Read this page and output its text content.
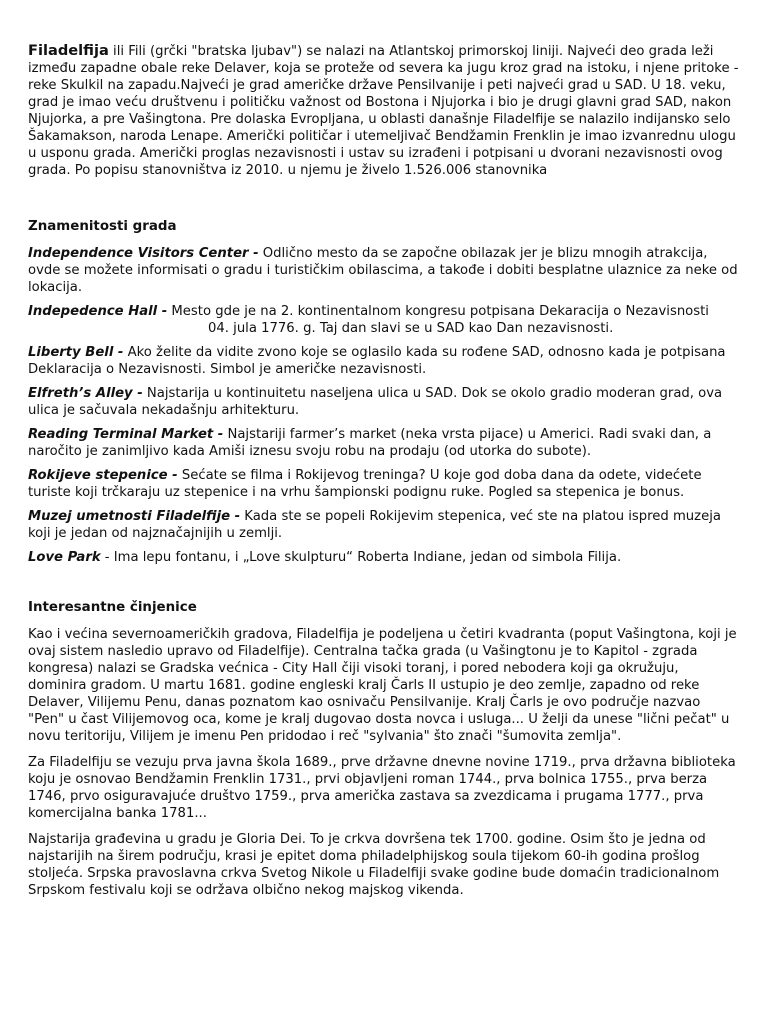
Filadelfija ili Fili (grčki "bratska ljubav") se nalazi na Atlantskoj primorskoj liniji. Najveći deo grada leži između zapadne obale reke Delaver, koja se proteže od severa ka jugu kroz grad na istoku, i njene pritoke - reke Skulkil na zapadu.Najveći je grad američke države Pensilvanije i peti najveći grad u SAD. U 18. veku, grad je imao veću društvenu i političku važnost od Bostona i Njujorka i bio je drugi glavni grad SAD, nakon Njujorka, a pre Vašingtona. Pre dolaska Evropljana, u oblasti današnje Filadelfije se nalazilo indijansko selo Šakamakson, naroda Lenape. Američki političar i utemeljivač Bendžamin Frenklin je imao izvanrednu ulogu u usponu grada. Američki proglas nezavisnosti i ustav su izrađeni i potpisani u dvorani nezavisnosti ovog grada. Po popisu stanovništva iz 2010. u njemu je živelo 1.526.006 stanovnika

Znamenitosti grada

Independence Visitors Center - Odlično mesto da se započne obilazak jer je blizu mnogih atrakcija, ovde se možete informisati o gradu i turističkim obilascima, a takođe i dobiti besplatne ulaznice za neke od lokacija.

Indepedence Hall - Mesto gde je na 2. kontinentalnom kongresu potpisana Dekaracija o Nezavisnosti04. jula 1776. g. Taj dan slavi se u SAD kao Dan nezavisnosti.

Liberty Bell - Ako želite da vidite zvono koje se oglasilo kada su rođene SAD, odnosno kada je potpisana Deklaracija o Nezavisnosti. Simbol je američke nezavisnosti.

Elfreth’s Alley - Najstarija u kontinuitetu naseljena ulica u SAD. Dok se okolo gradio moderan grad, ova ulica je sačuvala nekadašnju arhitekturu.

Reading Terminal Market - Najstariji farmer’s market (neka vrsta pijace) u Americi. Radi svaki dan, a naročito je zanimljivo kada Amiši iznesu svoju robu na prodaju (od utorka do subote).

Rokijeve stepenice - Sećate se filma i Rokijevog treninga? U koje god doba dana da odete, videćete turiste koji trčkaraju uz stepenice i na vrhu šampionski podignu ruke. Pogled sa stepenica je bonus.

Muzej umetnosti Filadelfije - Kada ste se popeli Rokijevim stepenica, već ste na platou ispred muzeja koji je jedan od najznačajnijih u zemlji.

Love Park - Ima lepu fontanu, i „Love skulpturu“ Roberta Indiane, jedan od simbola Filija.

Interesantne činjenice

Kao i većina severnoameričkih gradova, Filadelfija je podeljena u četiri kvadranta (poput Vašingtona, koji je ovaj sistem nasledio upravo od Filadelfije). Centralna tačka grada (u Vašingtonu je to Kapitol - zgrada kongresa) nalazi se Gradska većnica - City Hall čiji visoki toranj, i pored nebodera koji ga okružuju, dominira gradom. U martu 1681. godine engleski kralj Čarls II ustupio je deo zemlje, zapadno od reke Delaver, Vilijemu Penu, danas poznatom kao osnivaču Pensilvanije. Kralj Čarls je ovo područje nazvao "Pen" u čast Vilijemovog oca, kome je kralj dugovao dosta novca i usluga... U želji da unese "lični pečat" u novu teritoriju, Vilijem je imenu Pen pridodao i reč "sylvania" što znači "šumovita zemlja".

Za Filadelfiju se vezuju prva javna škola 1689., prve državne dnevne novine 1719., prva državna biblioteka koju je osnovao Bendžamin Frenklin 1731., prvi objavljeni roman 1744., prva bolnica 1755., prva berza 1746, prvo osiguravajuće društvo 1759., prva američka zastava sa zvezdicama i prugama 1777., prva komercijalna banka 1781...

Najstarija građevina u gradu je Gloria Dei. To je crkva dovršena tek 1700. godine. Osim što je jedna od najstarijih na širem području, krasi je epitet doma philadelphijskog soula tijekom 60-ih godina prošlog stoljeća. Srpska pravoslavna crkva Svetog Nikole u Filadelfiji svake godine bude domaćin tradicionalnom Srpskom festivalu koji se održava olbično nekog majskog vikenda.
